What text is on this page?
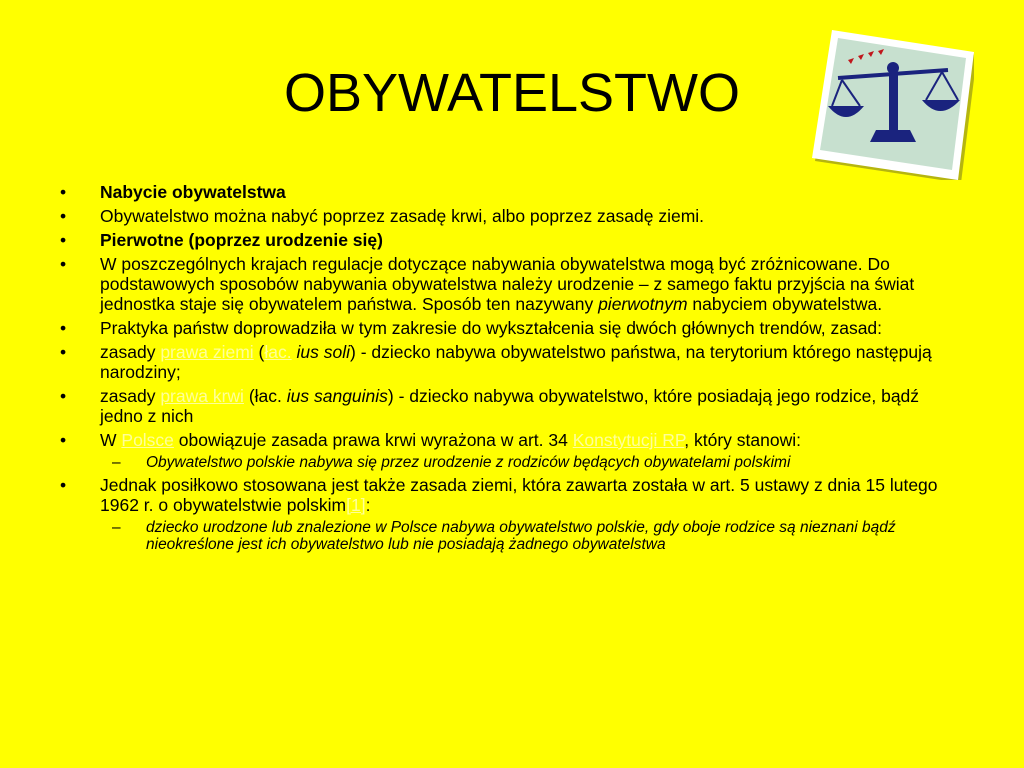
OBYWATELSTWO
• Nabycie obywatelstwa
• Obywatelstwo można nabyć poprzez zasadę krwi, albo poprzez zasadę ziemi.
• Pierwotne (poprzez urodzenie się)
• W poszczególnych krajach regulacje dotyczące nabywania obywatelstwa mogą być zróżnicowane. Do podstawowych sposobów nabywania obywatelstwa należy urodzenie – z samego faktu przyjścia na świat jednostka staje się obywatelem państwa. Sposób ten nazywany pierwotnym nabyciem obywatelstwa.
• Praktyka państw doprowadziła w tym zakresie do wykształcenia się dwóch głównych trendów, zasad:
• zasady prawa ziemi (łac. ius soli) - dziecko nabywa obywatelstwo państwa, na terytorium którego następują narodziny;
• zasady prawa krwi (łac. ius sanguinis) - dziecko nabywa obywatelstwo, które posiadają jego rodzice, bądź jedno z nich
• W Polsce obowiązuje zasada prawa krwi wyrażona w art. 34 Konstytucji RP, który stanowi:
– Obywatelstwo polskie nabywa się przez urodzenie z rodziców będących obywatelami polskimi
• Jednak posiłkowo stosowana jest także zasada ziemi, która zawarta została w art. 5 ustawy z dnia 15 lutego 1962 r. o obywatelstwie polskim[1]:
– dziecko urodzone lub znalezione w Polsce nabywa obywatelstwo polskie, gdy oboje rodzice są nieznani bądź nieokreślone jest ich obywatelstwo lub nie posiadają żadnego obywatelstwa
